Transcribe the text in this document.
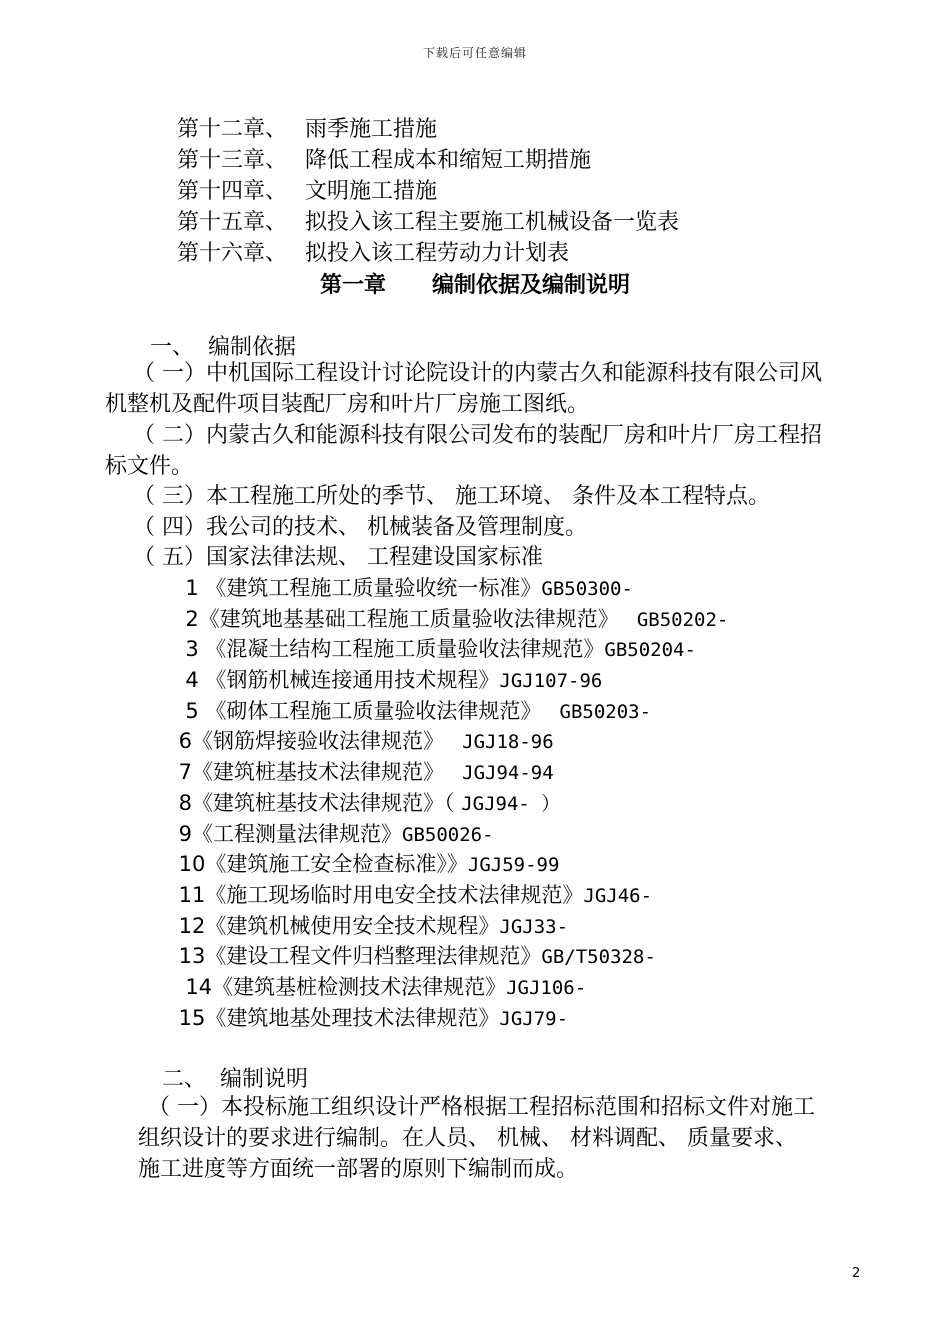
下载后可任意编辑
第十二章、 雨季施工措施
第十三章、 降低工程成本和缩短工期措施
第十四章、 文明施工措施
第十五章、 拟投入该工程主要施工机械设备一览表
第十六章、 拟投入该工程劳动力计划表
第一章      编制依据及编制说明
一、  编制依据
（ 一）中机国际工程设计讨论院设计的内蒙古久和能源科技有限公司风
机整机及配件项目装配厂房和叶片厂房施工图纸。
（ 二）内蒙古久和能源科技有限公司发布的装配厂房和叶片厂房工程招
标文件。
（ 三）本工程施工所处的季节、 施工环境、 条件及本工程特点。
（ 四）我公司的技术、 机械装备及管理制度。
（ 五）国家法律法规、 工程建设国家标准
1 《建筑工程施工质量验收统一标准》GB50300-
2《建筑地基基础工程施工质量验收法律规范》  GB50202-
3 《混凝土结构工程施工质量验收法律规范》GB50204-
4 《钢筋机械连接通用技术规程》JGJ107-96
5 《砌体工程施工质量验收法律规范》  GB50203-
6《钢筋焊接验收法律规范》  JGJ18-96
7《建筑桩基技术法律规范》  JGJ94-94
8《建筑桩基技术法律规范》（ JGJ94- ）
9《工程测量法律规范》GB50026-
10《建筑施工安全检查标准》》JGJ59-99
11《施工现场临时用电安全技术法律规范》JGJ46-
12《建筑机械使用安全技术规程》JGJ33-
13《建设工程文件归档整理法律规范》GB/T50328-
14《建筑基桩检测技术法律规范》JGJ106-
15《建筑地基处理技术法律规范》JGJ79-
二、  编制说明
（ 一）本投标施工组织设计严格根据工程招标范围和招标文件对施工
组织设计的要求进行编制。在人员、 机械、 材料调配、 质量要求、
施工进度等方面统一部署的原则下编制而成。
2
